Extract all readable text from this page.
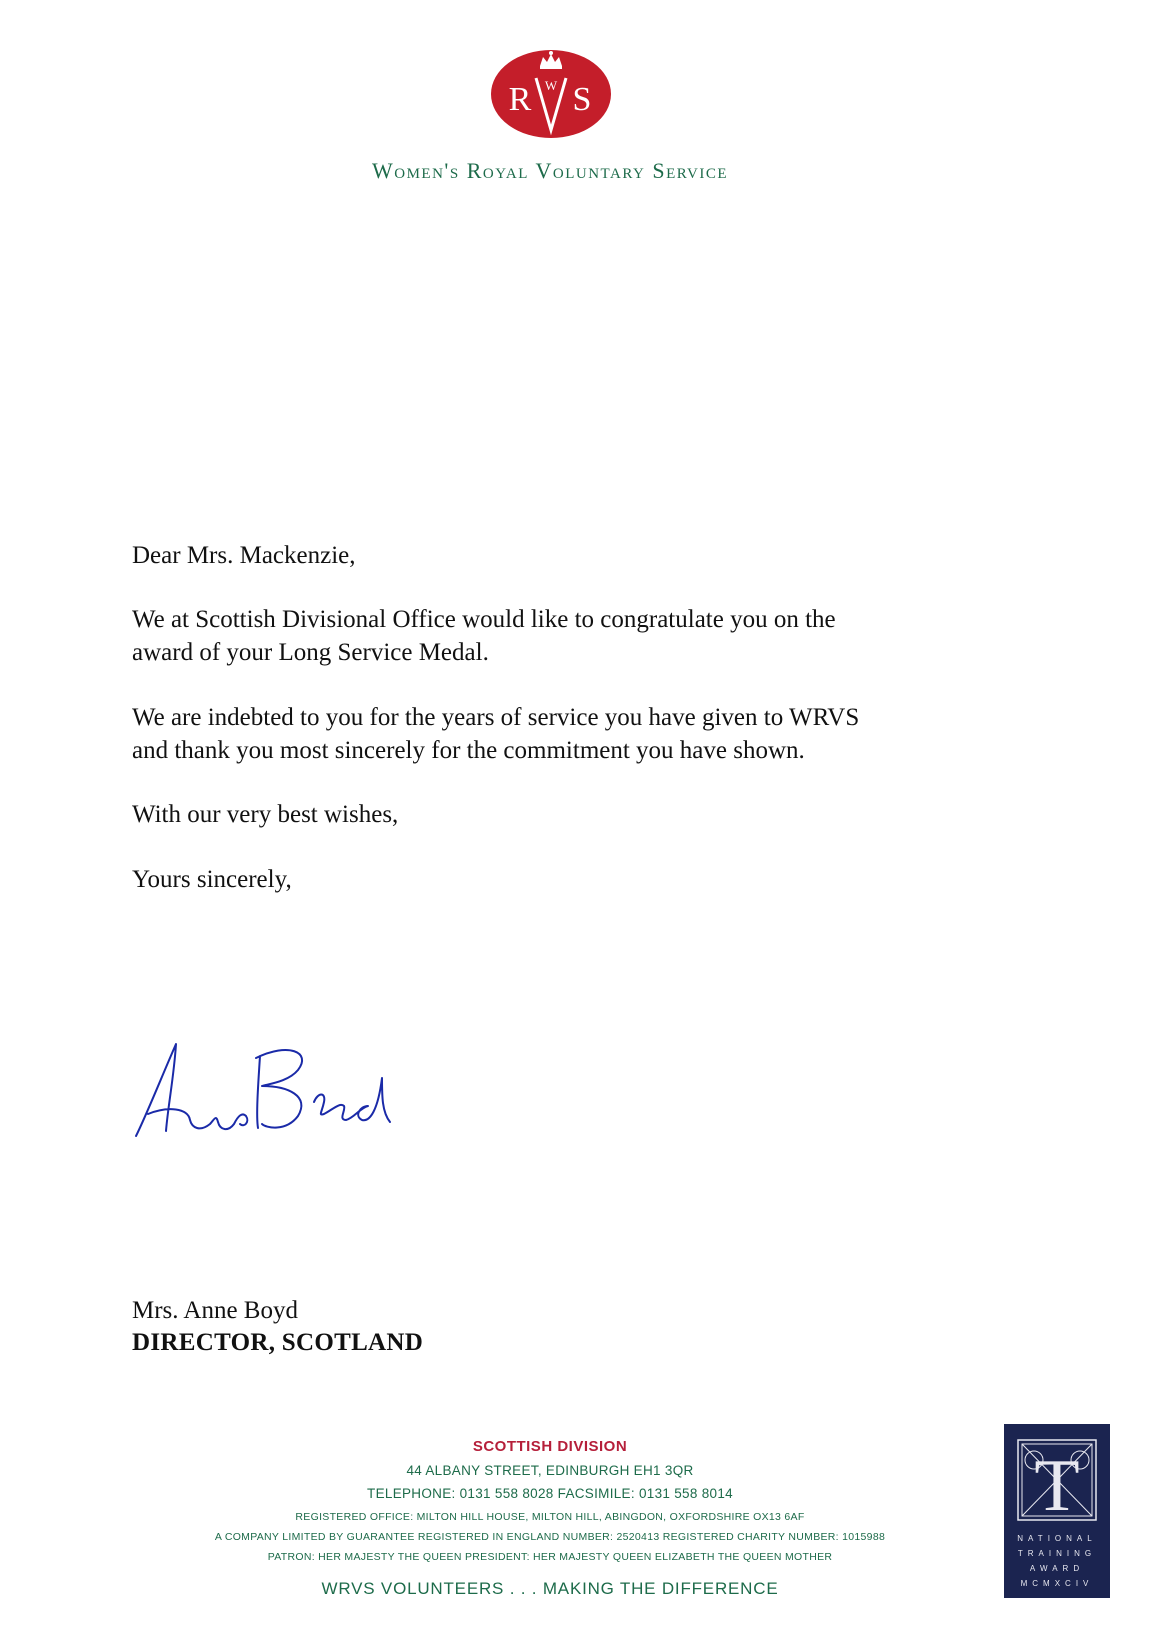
R W S
Women's Royal Voluntary Service

Dear Mrs. Mackenzie,

We at Scottish Divisional Office would like to congratulate you on the

award of your Long Service Medal.

We are indebted to you for the years of service you have given to WRVS

and thank you most sincerely for the commitment you have shown.

With our very best wishes,

Yours sincerely,

Mrs. Anne Boyd
DIRECTOR, SCOTLAND
SCOTTISH DIVISION
44 ALBANY STREET, EDINBURGH EH1 3QR
TELEPHONE: 0131 558 8028 FACSIMILE: 0131 558 8014
REGISTERED OFFICE: MILTON HILL HOUSE, MILTON HILL, ABINGDON, OXFORDSHIRE OX13 6AF
A COMPANY LIMITED BY GUARANTEE REGISTERED IN ENGLAND NUMBER: 2520413 REGISTERED CHARITY NUMBER: 1015988
PATRON: HER MAJESTY THE QUEEN PRESIDENT: HER MAJESTY QUEEN ELIZABETH THE QUEEN MOTHER
WRVS VOLUNTEERS . . . MAKING THE DIFFERENCE
T
NATIONAL
TRAINING
AWARD
MCMXCIV
